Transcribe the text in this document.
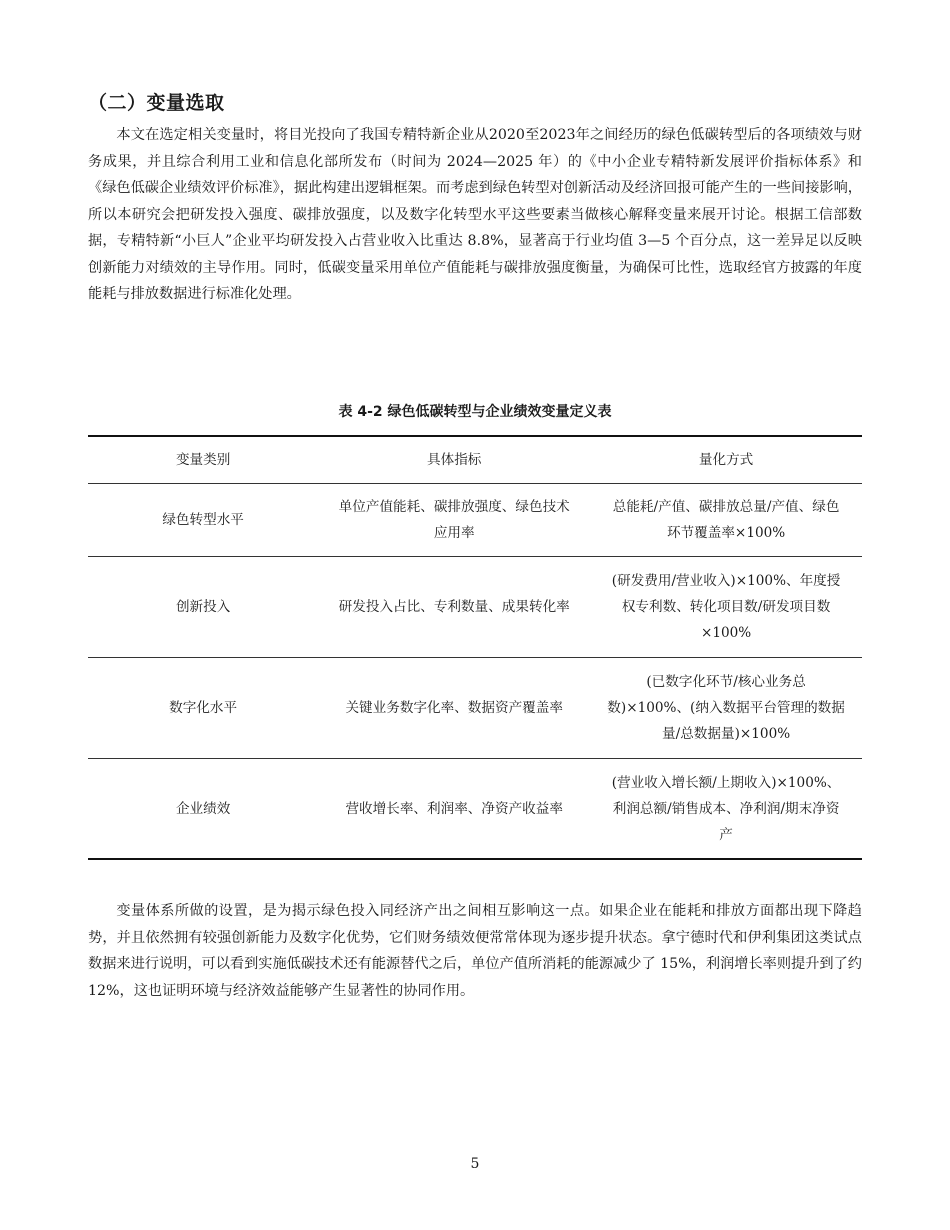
（二）变量选取

本文在选定相关变量时，将目光投向了我国专精特新企业从2020至2023年之间经历的绿色低碳转型后的各项绩效与财务成果，并且综合利用工业和信息化部所发布（时间为 2024—2025 年）的《中小企业专精特新发展评价指标体系》和《绿色低碳企业绩效评价标准》，据此构建出逻辑框架。而考虑到绿色转型对创新活动及经济回报可能产生的一些间接影响，所以本研究会把研发投入强度、碳排放强度，以及数字化转型水平这些要素当做核心解释变量来展开讨论。根据工信部数据，专精特新“小巨人”企业平均研发投入占营业收入比重达 8.8%，显著高于行业均值 3—5 个百分点，这一差异足以反映创新能力对绩效的主导作用。同时，低碳变量采用单位产值能耗与碳排放强度衡量，为确保可比性，选取经官方披露的年度能耗与排放数据进行标准化处理。

表 4-2 绿色低碳转型与企业绩效变量定义表

变量类别	具体指标	量化方式
绿色转型水平	单位产值能耗、碳排放强度、绿色技术应用率	总能耗/产值、碳排放总量/产值、绿色环节覆盖率×100%
创新投入	研发投入占比、专利数量、成果转化率	(研发费用/营业收入)×100%、年度授权专利数、转化项目数/研发项目数×100%
数字化水平	关键业务数字化率、数据资产覆盖率	(已数字化环节/核心业务总数)×100%、(纳入数据平台管理的数据量/总数据量)×100%
企业绩效	营收增长率、利润率、净资产收益率	(营业收入增长额/上期收入)×100%、利润总额/销售成本、净利润/期末净资产

变量体系所做的设置，是为揭示绿色投入同经济产出之间相互影响这一点。如果企业在能耗和排放方面都出现下降趋势，并且依然拥有较强创新能力及数字化优势，它们财务绩效便常常体现为逐步提升状态。拿宁德时代和伊利集团这类试点数据来进行说明，可以看到实施低碳技术还有能源替代之后，单位产值所消耗的能源减少了 15%，利润增长率则提升到了约 12%，这也证明环境与经济效益能够产生显著性的协同作用。

5
